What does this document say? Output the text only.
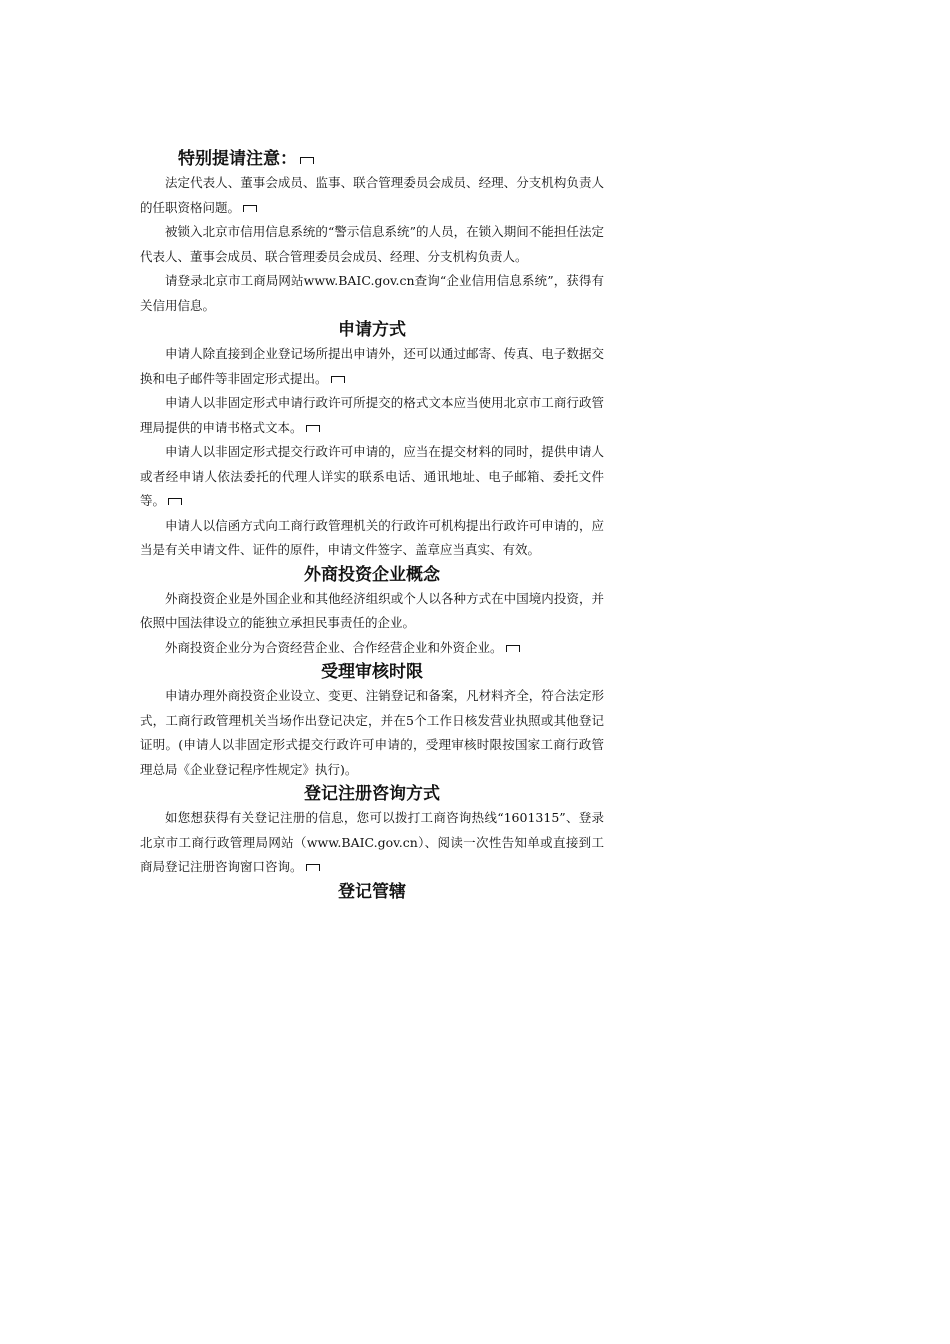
特别提请注意：

法定代表人、董事会成员、监事、联合管理委员会成员、经理、分支机构负责人的任职资格问题。

被锁入北京市信用信息系统的“警示信息系统”的人员，在锁入期间不能担任法定代表人、董事会成员、联合管理委员会成员、经理、分支机构负责人。

请登录北京市工商局网站www.BAIC.gov.cn查询“企业信用信息系统”，获得有关信用信息。

申请方式

申请人除直接到企业登记场所提出申请外，还可以通过邮寄、传真、电子数据交换和电子邮件等非固定形式提出。

申请人以非固定形式申请行政许可所提交的格式文本应当使用北京市工商行政管理局提供的申请书格式文本。

申请人以非固定形式提交行政许可申请的，应当在提交材料的同时，提供申请人或者经申请人依法委托的代理人详实的联系电话、通讯地址、电子邮箱、委托文件等。

申请人以信函方式向工商行政管理机关的行政许可机构提出行政许可申请的，应当是有关申请文件、证件的原件，申请文件签字、盖章应当真实、有效。

外商投资企业概念

外商投资企业是外国企业和其他经济组织或个人以各种方式在中国境内投资，并依照中国法律设立的能独立承担民事责任的企业。

外商投资企业分为合资经营企业、合作经营企业和外资企业。

受理审核时限

申请办理外商投资企业设立、变更、注销登记和备案，凡材料齐全，符合法定形式，工商行政管理机关当场作出登记决定，并在5个工作日核发营业执照或其他登记证明。(申请人以非固定形式提交行政许可申请的，受理审核时限按国家工商行政管理总局《企业登记程序性规定》执行)。

登记注册咨询方式

如您想获得有关登记注册的信息，您可以拨打工商咨询热线“1601315”、登录北京市工商行政管理局网站（www.BAIC.gov.cn）、阅读一次性告知单或直接到工商局登记注册咨询窗口咨询。

登记管辖
